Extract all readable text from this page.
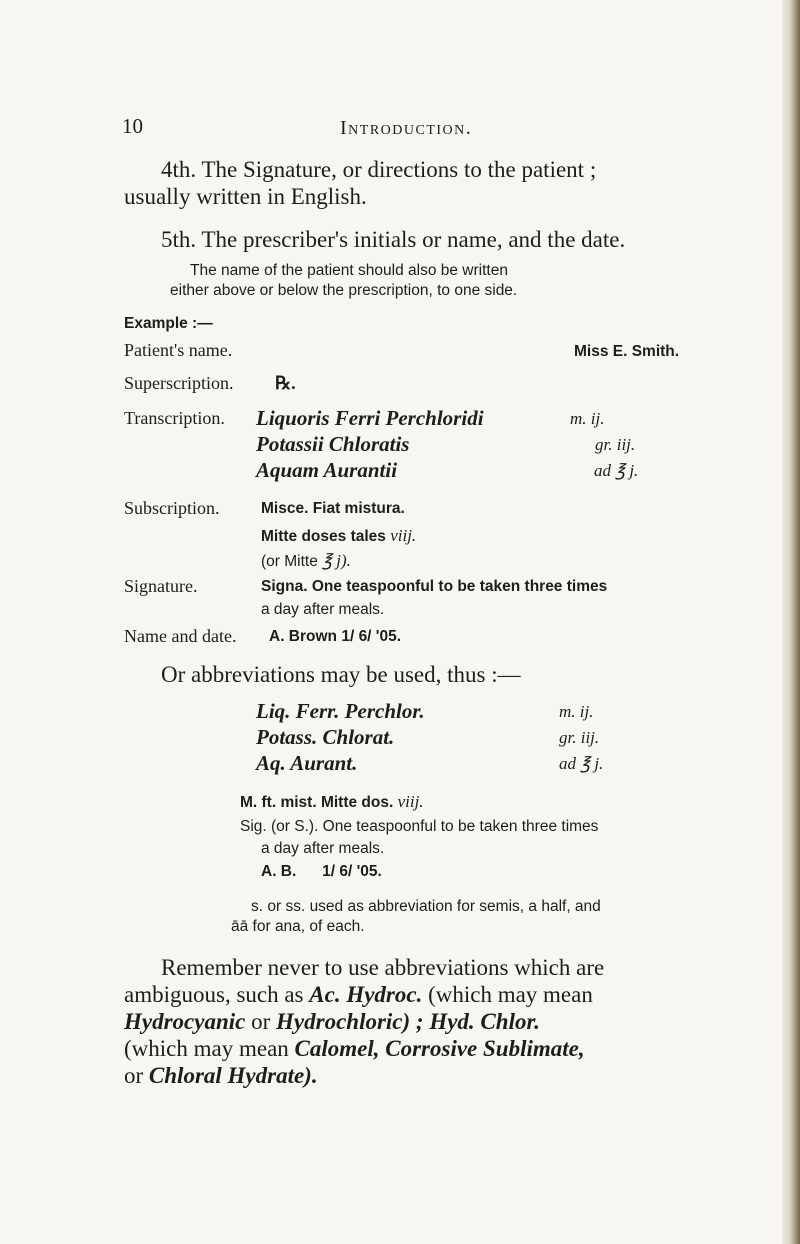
10	Introduction.
4th. The Signature, or directions to the patient ;
usually written in English.
5th. The prescriber's initials or name, and the date.
The name of the patient should also be written
either above or below the prescription, to one side.
Example :—
Patient's name.	Miss E. Smith.
Superscription. ℞.
Transcription. Liquoris Ferri Perchloridi	m. ij.
Potassii Chloratis	gr. iij.
Aquam Aurantii	ad ℥ j.
Subscription.	Misce. Fiat mistura.
Mitte doses tales viij.
(or Mitte ℥ j).
Signature.	Signa. One teaspoonful to be taken three times
a day after meals.
Name and date. A. Brown 1/ 6/ '05.
Or abbreviations may be used, thus :—
Liq. Ferr. Perchlor.	m. ij.
Potass. Chlorat.	gr. iij.
Aq. Aurant.	ad ℥ j.
M. ft. mist. Mitte dos. viij.
Sig. (or S.). One teaspoonful to be taken three times
a day after meals.
A. B.      1/ 6/ '05.
s. or ss. used as abbreviation for semis, a half, and
āā for ana, of each.
Remember never to use abbreviations which are
ambiguous, such as Ac. Hydroc. (which may mean
Hydrocyanic or Hydrochloric) ; Hyd. Chlor.
(which may mean Calomel, Corrosive Sublimate,
or Chloral Hydrate).
